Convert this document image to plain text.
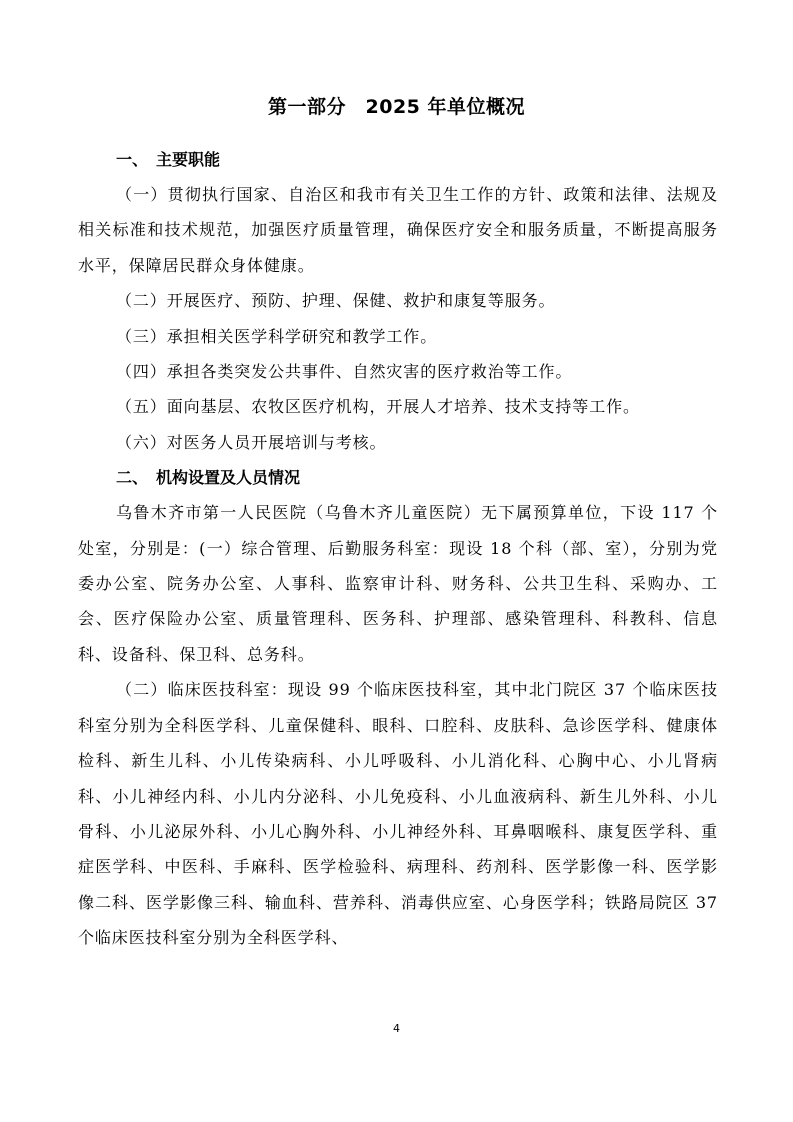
第一部分　2025 年单位概况
一、　主要职能

（一）贯彻执行国家、自治区和我市有关卫生工作的方针、政策和法律、法规及相关标准和技术规范，加强医疗质量管理，确保医疗安全和服务质量，不断提高服务水平，保障居民群众身体健康。

（二）开展医疗、预防、护理、保健、救护和康复等服务。

（三）承担相关医学科学研究和教学工作。

（四）承担各类突发公共事件、自然灾害的医疗救治等工作。

（五）面向基层、农牧区医疗机构，开展人才培养、技术支持等工作。

（六）对医务人员开展培训与考核。

二、　机构设置及人员情况

乌鲁木齐市第一人民医院（乌鲁木齐儿童医院）无下属预算单位，下设 117 个处室，分别是：(一）综合管理、后勤服务科室：现设 18 个科（部、室），分别为党委办公室、院务办公室、人事科、监察审计科、财务科、公共卫生科、采购办、工会、医疗保险办公室、质量管理科、医务科、护理部、感染管理科、科教科、信息科、设备科、保卫科、总务科。

（二）临床医技科室：现设 99 个临床医技科室，其中北门院区 37 个临床医技科室分别为全科医学科、儿童保健科、眼科、口腔科、皮肤科、急诊医学科、健康体检科、新生儿科、小儿传染病科、小儿呼吸科、小儿消化科、心胸中心、小儿肾病科、小儿神经内科、小儿内分泌科、小儿免疫科、小儿血液病科、新生儿外科、小儿骨科、小儿泌尿外科、小儿心胸外科、小儿神经外科、耳鼻咽喉科、康复医学科、重症医学科、中医科、手麻科、医学检验科、病理科、药剂科、医学影像一科、医学影像二科、医学影像三科、输血科、营养科、消毒供应室、心身医学科；铁路局院区 37 个临床医技科室分别为全科医学科、

4
